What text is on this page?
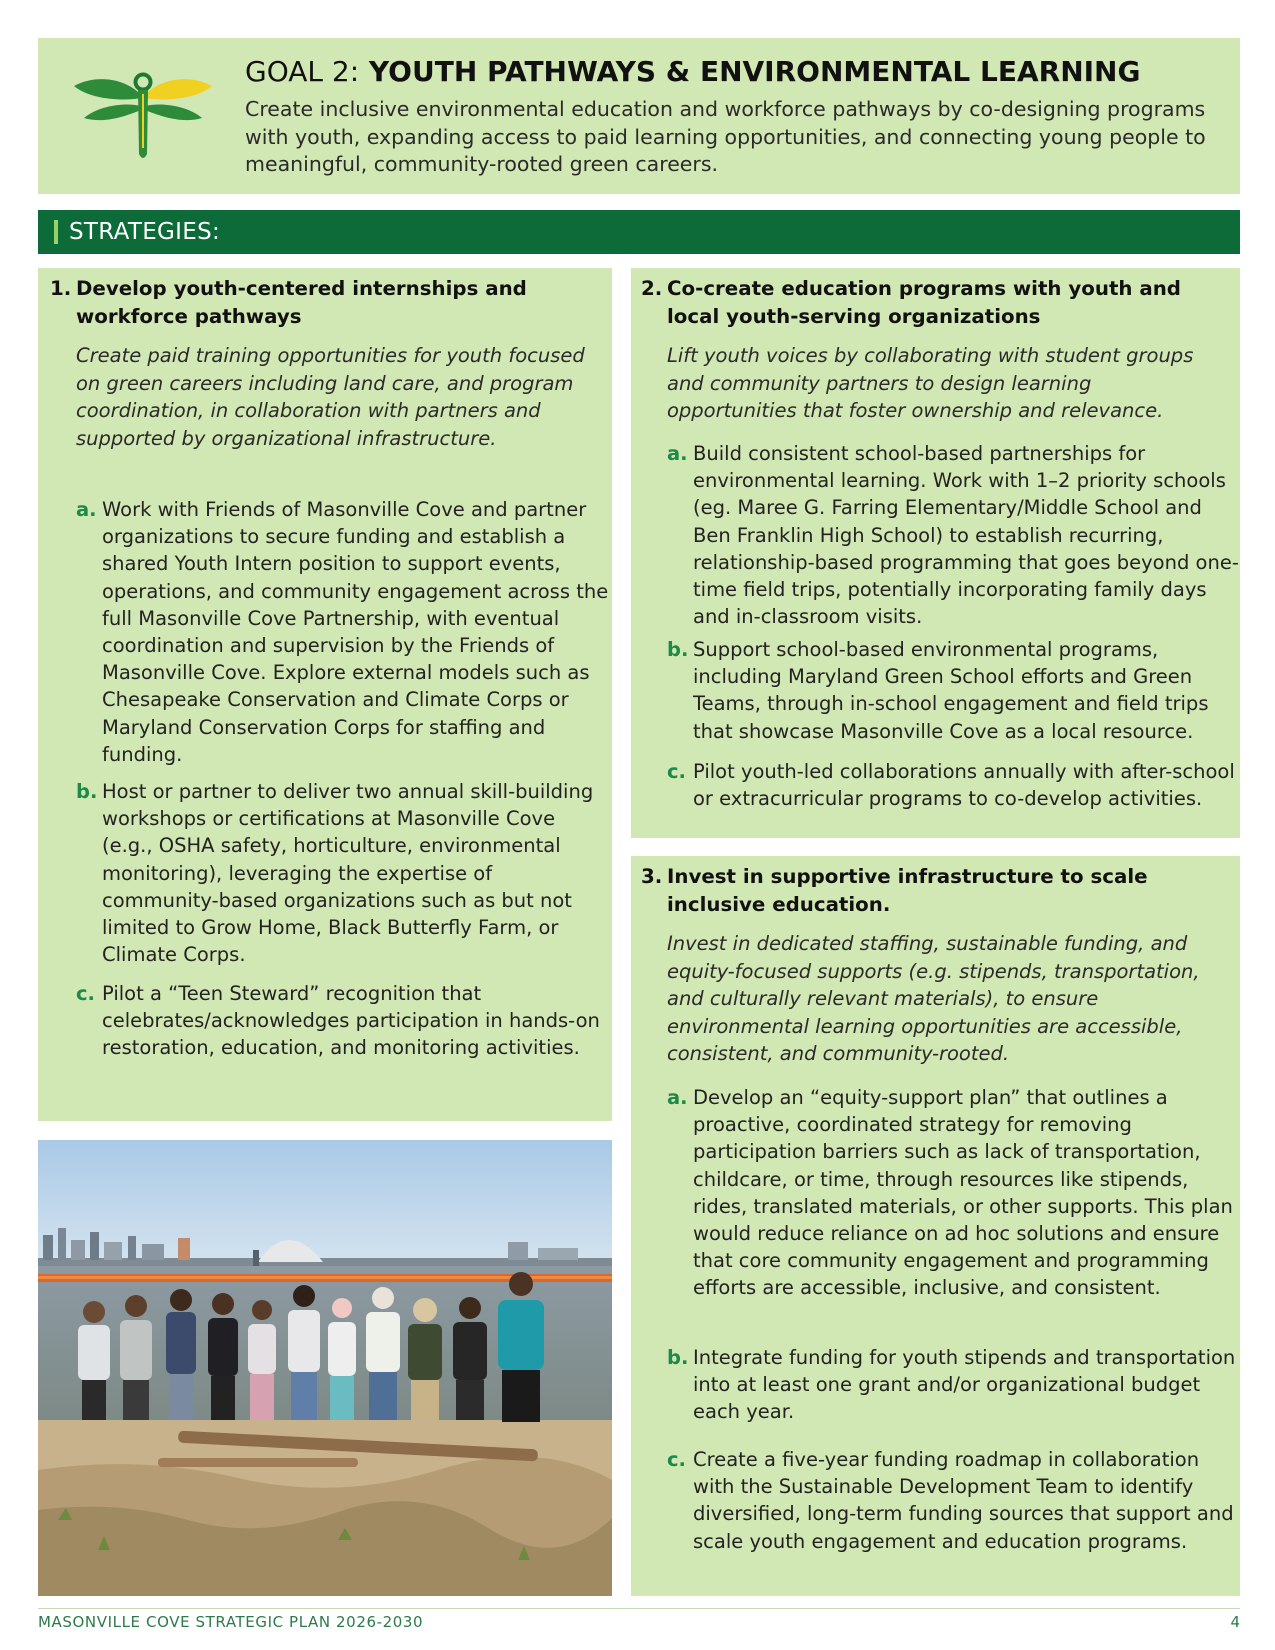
GOAL 2: YOUTH PATHWAYS & ENVIRONMENTAL LEARNING

Create inclusive environmental education and workforce pathways by co-designing programs with youth, expanding access to paid learning opportunities, and connecting young people to meaningful, community-rooted green careers.

STRATEGIES:
1. Develop youth-centered internships and workforce pathways

Create paid training opportunities for youth focused on green careers including land care, and program coordination, in collaboration with partners and supported by organizational infrastructure.

a. Work with Friends of Masonville Cove and partner organizations to secure funding and establish a shared Youth Intern position to support events, operations, and community engagement across the full Masonville Cove Partnership, with eventual coordination and supervision by the Friends of Masonville Cove. Explore external models such as Chesapeake Conservation and Climate Corps or Maryland Conservation Corps for staffing and funding.
b. Host or partner to deliver two annual skill-building workshops or certifications at Masonville Cove (e.g., OSHA safety, horticulture, environmental monitoring), leveraging the expertise of community-based organizations such as but not limited to Grow Home, Black Butterfly Farm, or Climate Corps.
c. Pilot a “Teen Steward” recognition that celebrates/acknowledges participation in hands-on restoration, education, and monitoring activities.
2. Co-create education programs with youth and local youth-serving organizations

Lift youth voices by collaborating with student groups and community partners to design learning opportunities that foster ownership and relevance.

a. Build consistent school-based partnerships for environmental learning. Work with 1–2 priority schools (eg. Maree G. Farring Elementary/Middle School and Ben Franklin High School) to establish recurring, relationship-based programming that goes beyond one-time field trips, potentially incorporating family days and in-classroom visits.
b. Support school-based environmental programs, including Maryland Green School efforts and Green Teams, through in-school engagement and field trips that showcase Masonville Cove as a local resource.
c. Pilot youth-led collaborations annually with after-school or extracurricular programs to co-develop activities.
3. Invest in supportive infrastructure to scale inclusive education.

Invest in dedicated staffing, sustainable funding, and equity-focused supports (e.g. stipends, transportation, and culturally relevant materials), to ensure environmental learning opportunities are accessible, consistent, and community-rooted.

a. Develop an “equity-support plan” that outlines a proactive, coordinated strategy for removing participation barriers such as lack of transportation, childcare, or time, through resources like stipends, rides, translated materials, or other supports. This plan would reduce reliance on ad hoc solutions and ensure that core community engagement and programming efforts are accessible, inclusive, and consistent.
b. Integrate funding for youth stipends and transportation into at least one grant and/or organizational budget each year.
c. Create a five-year funding roadmap in collaboration with the Sustainable Development Team to identify diversified, long-term funding sources that support and scale youth engagement and education programs.
MASONVILLE COVE STRATEGIC PLAN 2026-2030	4
